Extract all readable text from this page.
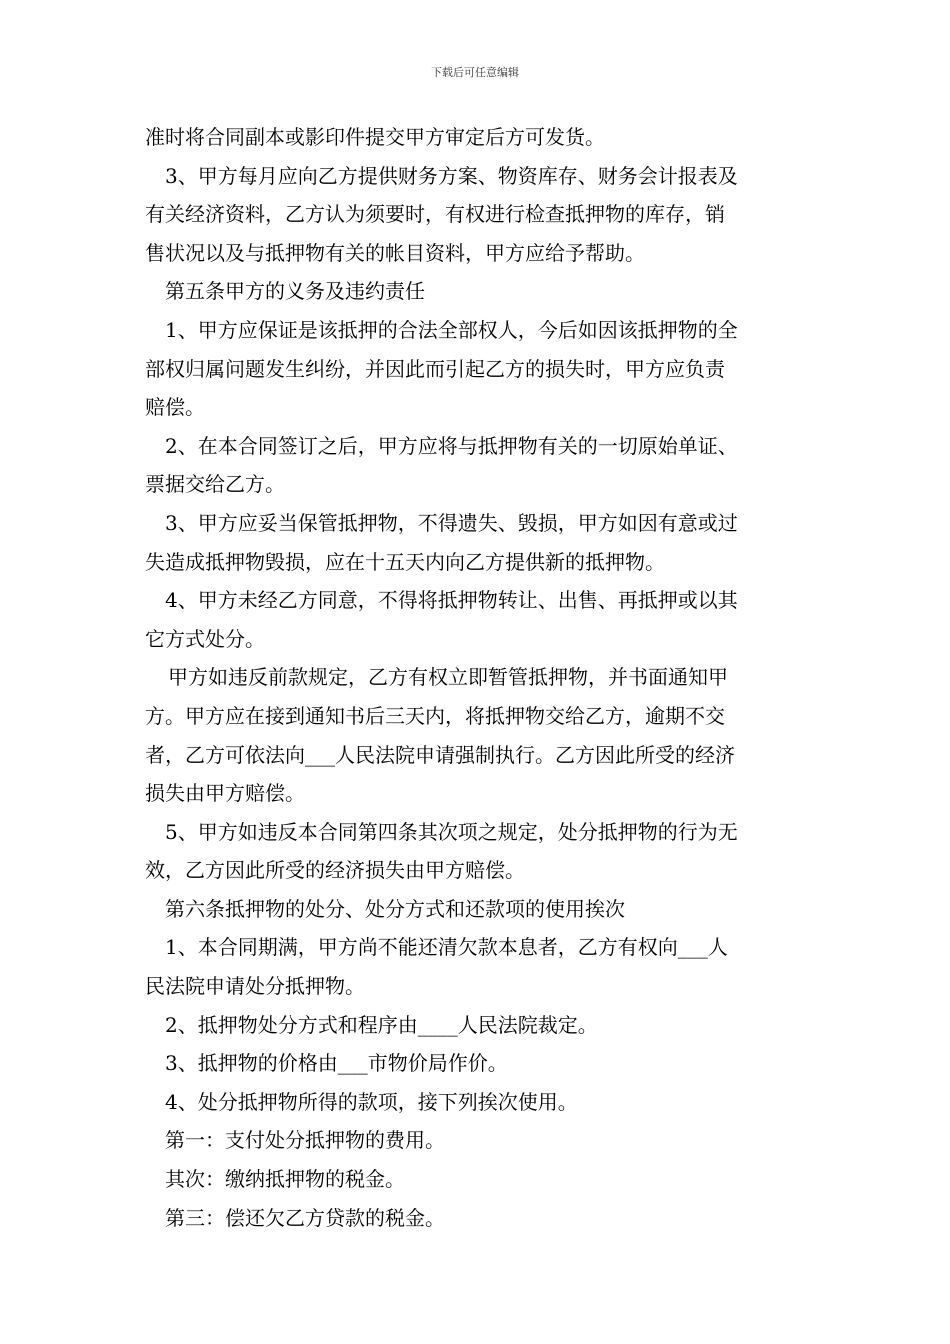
下载后可任意编辑
准时将合同副本或影印件提交甲方审定后方可发货。
3、甲方每月应向乙方提供财务方案、物资库存、财务会计报表及
有关经济资料，乙方认为须要时，有权进行检查抵押物的库存，销
售状况以及与抵押物有关的帐目资料，甲方应给予帮助。
第五条甲方的义务及违约责任
1、甲方应保证是该抵押的合法全部权人，今后如因该抵押物的全
部权归属问题发生纠纷，并因此而引起乙方的损失时，甲方应负责
赔偿。
2、在本合同签订之后，甲方应将与抵押物有关的一切原始单证、
票据交给乙方。
3、甲方应妥当保管抵押物，不得遗失、毁损，甲方如因有意或过
失造成抵押物毁损，应在十五天内向乙方提供新的抵押物。
4、甲方未经乙方同意，不得将抵押物转让、出售、再抵押或以其
它方式处分。
甲方如违反前款规定，乙方有权立即暂管抵押物，并书面通知甲
方。甲方应在接到通知书后三天内，将抵押物交给乙方，逾期不交
者，乙方可依法向___人民法院申请强制执行。乙方因此所受的经济
损失由甲方赔偿。
5、甲方如违反本合同第四条其次项之规定，处分抵押物的行为无
效，乙方因此所受的经济损失由甲方赔偿。
第六条抵押物的处分、处分方式和还款项的使用挨次
1、本合同期满，甲方尚不能还清欠款本息者，乙方有权向___人
民法院申请处分抵押物。
2、抵押物处分方式和程序由____人民法院裁定。
3、抵押物的价格由___市物价局作价。
4、处分抵押物所得的款项，接下列挨次使用。
第一：支付处分抵押物的费用。
其次：缴纳抵押物的税金。
第三：偿还欠乙方贷款的税金。
